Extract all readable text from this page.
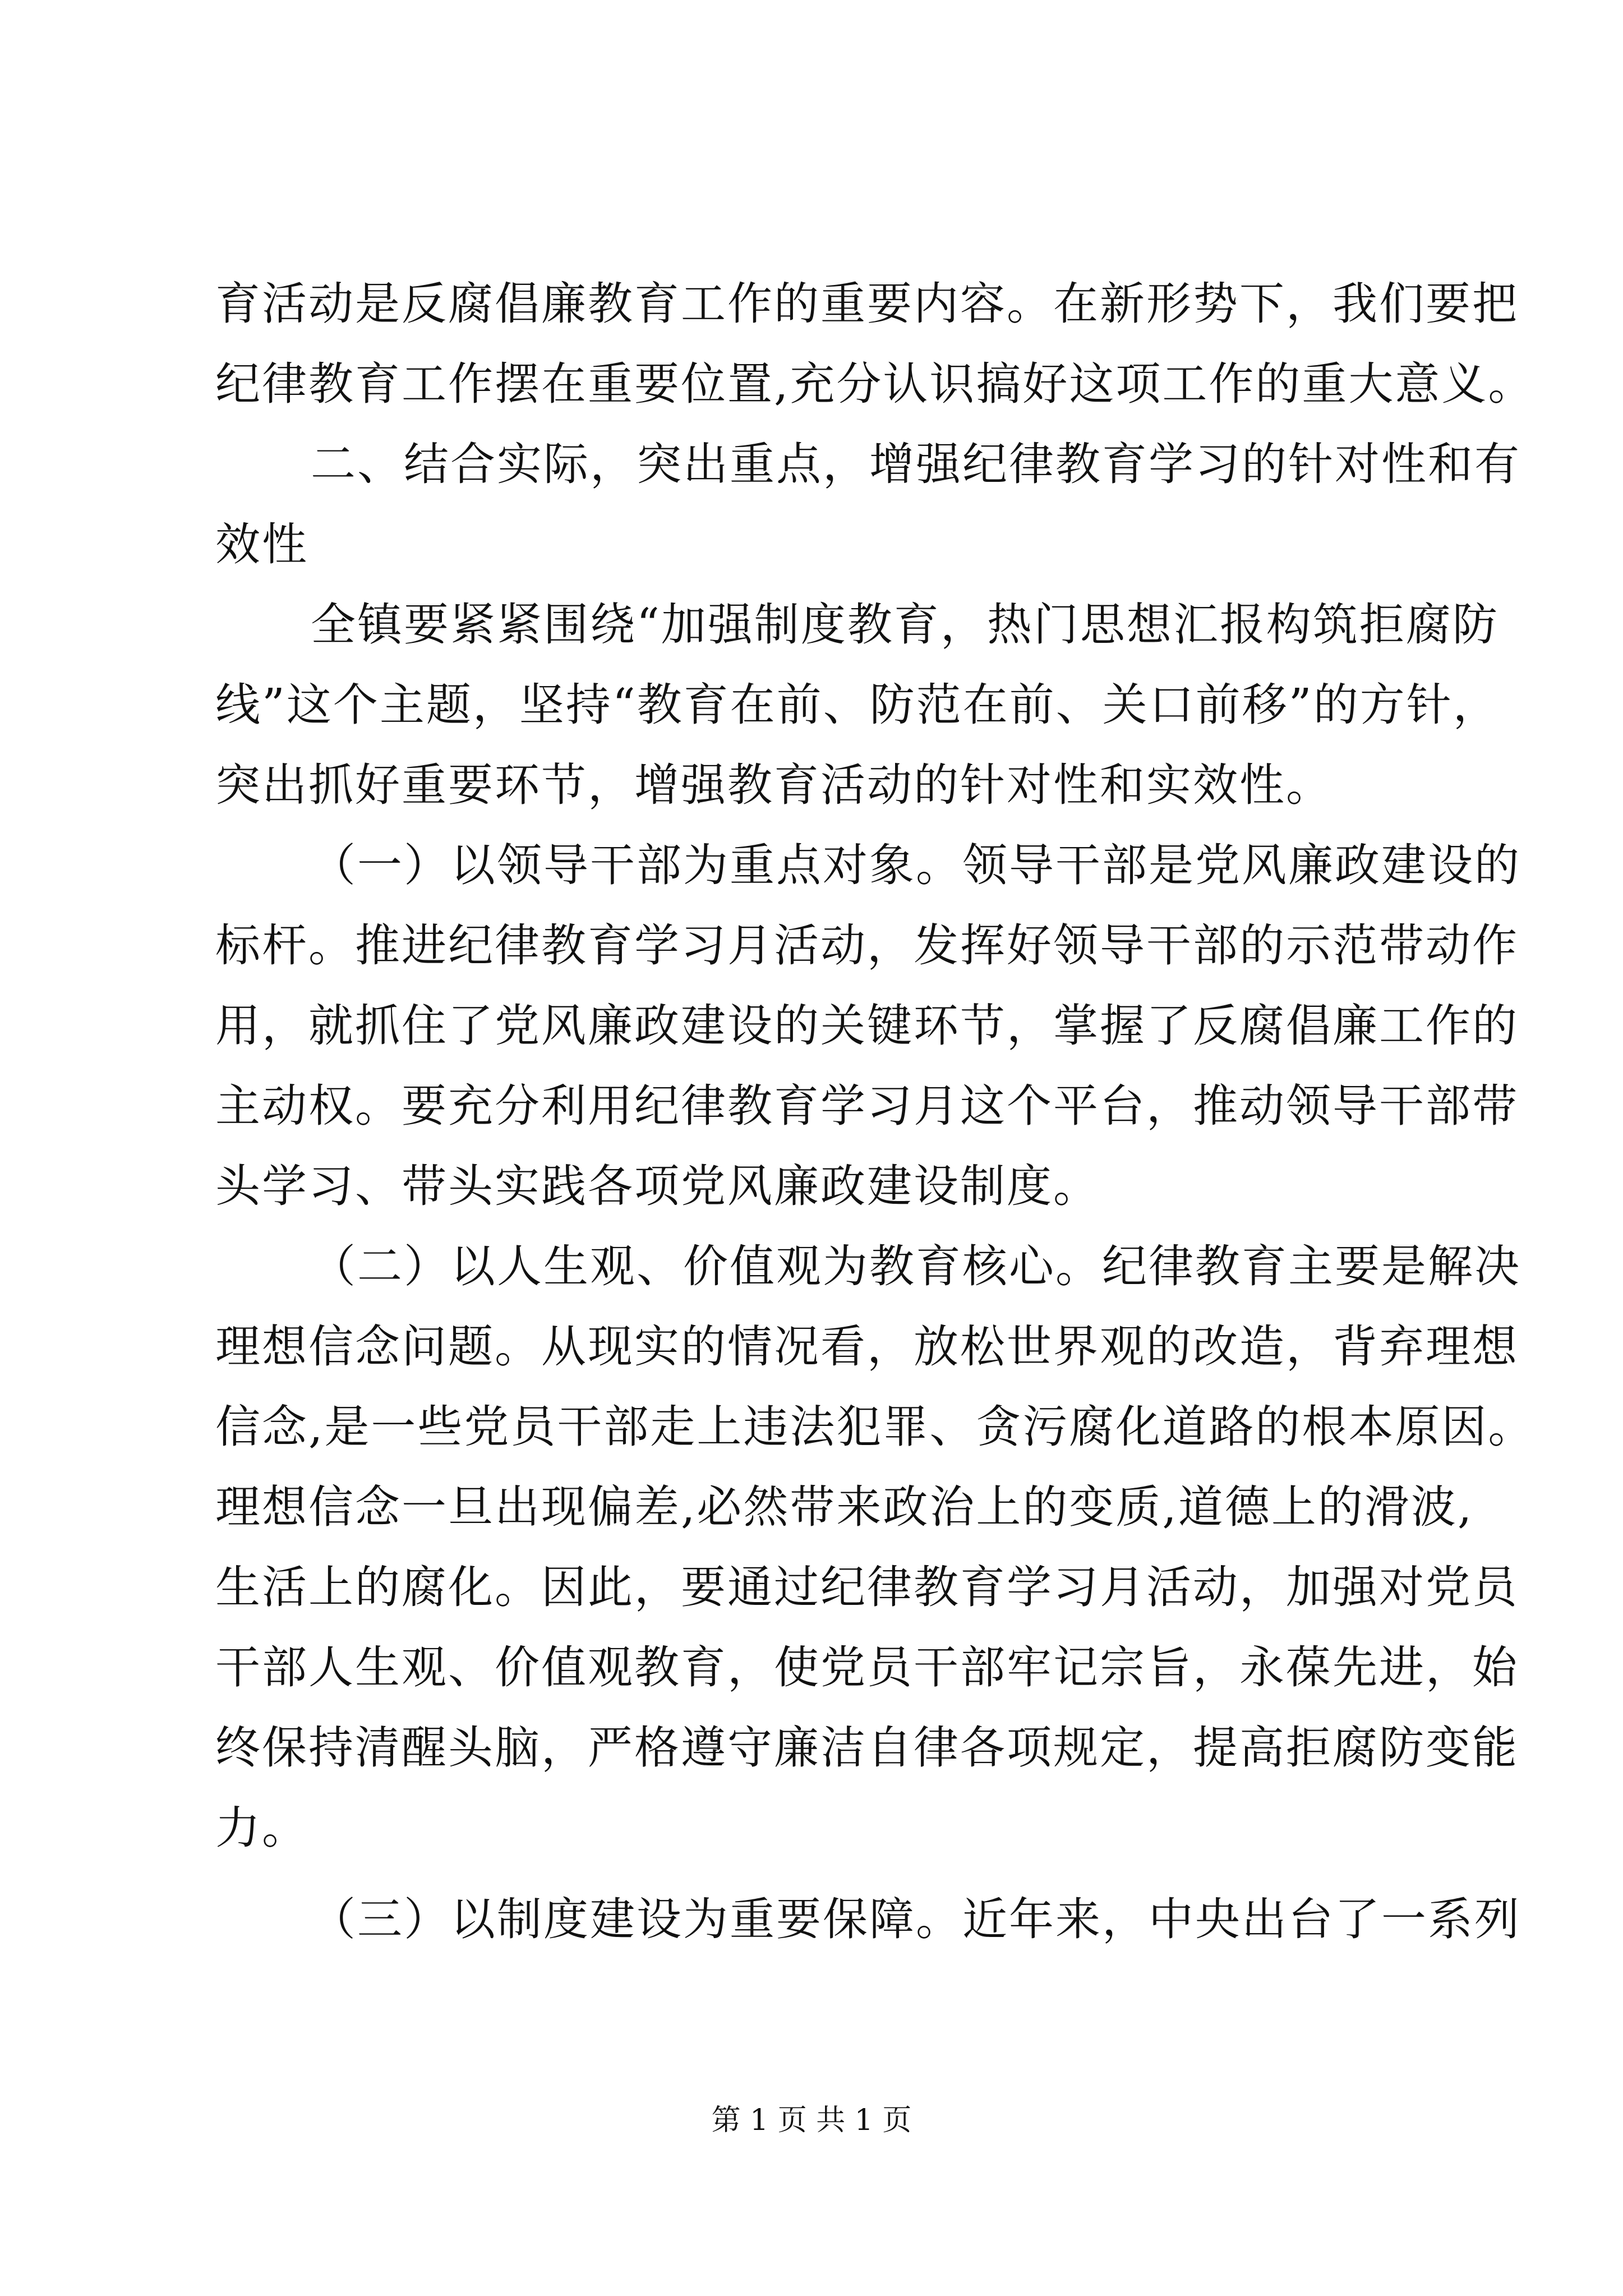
育活动是反腐倡廉教育工作的重要内容。在新形势下，我们要把
纪律教育工作摆在重要位置,充分认识搞好这项工作的重大意义。
二、结合实际，突出重点，增强纪律教育学习的针对性和有
效性
全镇要紧紧围绕“加强制度教育，热门思想汇报构筑拒腐防
线”这个主题，坚持“教育在前、防范在前、关口前移”的方针，
突出抓好重要环节，增强教育活动的针对性和实效性。
（一）以领导干部为重点对象。领导干部是党风廉政建设的
标杆。推进纪律教育学习月活动，发挥好领导干部的示范带动作
用，就抓住了党风廉政建设的关键环节，掌握了反腐倡廉工作的
主动权。要充分利用纪律教育学习月这个平台，推动领导干部带
头学习、带头实践各项党风廉政建设制度。
（二）以人生观、价值观为教育核心。纪律教育主要是解决
理想信念问题。从现实的情况看，放松世界观的改造，背弃理想
信念,是一些党员干部走上违法犯罪、贪污腐化道路的根本原因。
理想信念一旦出现偏差,必然带来政治上的变质,道德上的滑波,
生活上的腐化。因此，要通过纪律教育学习月活动，加强对党员
干部人生观、价值观教育，使党员干部牢记宗旨，永葆先进，始
终保持清醒头脑，严格遵守廉洁自律各项规定，提高拒腐防变能
力。
（三）以制度建设为重要保障。近年来，中央出台了一系列
第 1 页 共 1 页
